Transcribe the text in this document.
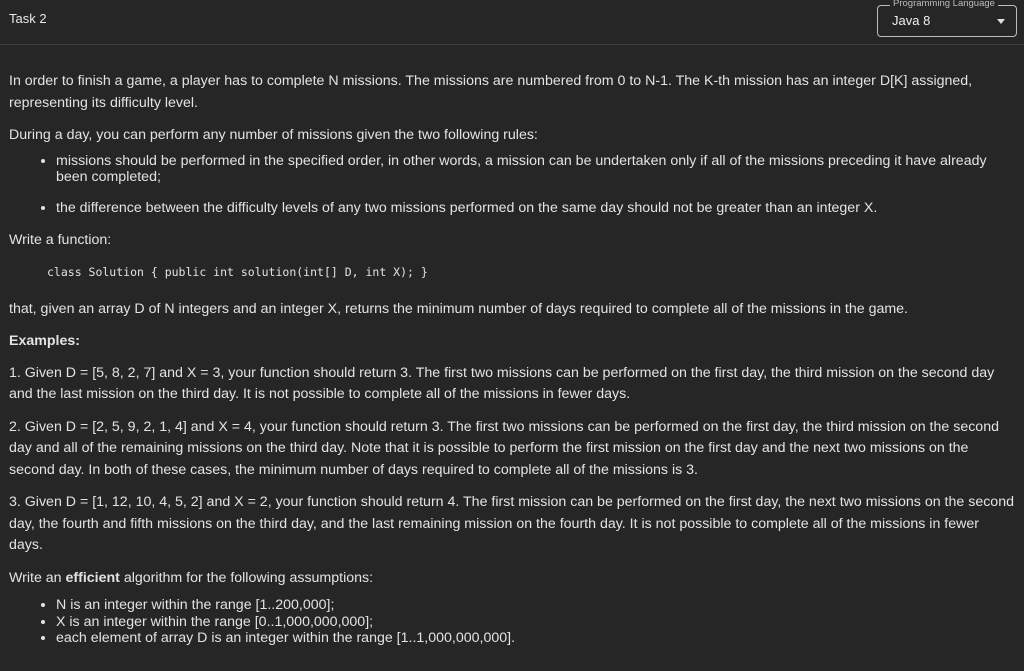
Task 2
Programming Language
Java 8

In order to finish a game, a player has to complete N missions. The missions are numbered from 0 to N-1. The K-th mission has an integer D[K] assigned, representing its difficulty level.

During a day, you can perform any number of missions given the two following rules:

• missions should be performed in the specified order, in other words, a mission can be undertaken only if all of the missions preceding it have already been completed;
• the difference between the difficulty levels of any two missions performed on the same day should not be greater than an integer X.

Write a function:

class Solution { public int solution(int[] D, int X); }

that, given an array D of N integers and an integer X, returns the minimum number of days required to complete all of the missions in the game.

Examples:

1. Given D = [5, 8, 2, 7] and X = 3, your function should return 3. The first two missions can be performed on the first day, the third mission on the second day and the last mission on the third day. It is not possible to complete all of the missions in fewer days.

2. Given D = [2, 5, 9, 2, 1, 4] and X = 4, your function should return 3. The first two missions can be performed on the first day, the third mission on the second day and all of the remaining missions on the third day. Note that it is possible to perform the first mission on the first day and the next two missions on the second day. In both of these cases, the minimum number of days required to complete all of the missions is 3.

3. Given D = [1, 12, 10, 4, 5, 2] and X = 2, your function should return 4. The first mission can be performed on the first day, the next two missions on the second day, the fourth and fifth missions on the third day, and the last remaining mission on the fourth day. It is not possible to complete all of the missions in fewer days.

Write an efficient algorithm for the following assumptions:

• N is an integer within the range [1..200,000];
• X is an integer within the range [0..1,000,000,000];
• each element of array D is an integer within the range [1..1,000,000,000].
